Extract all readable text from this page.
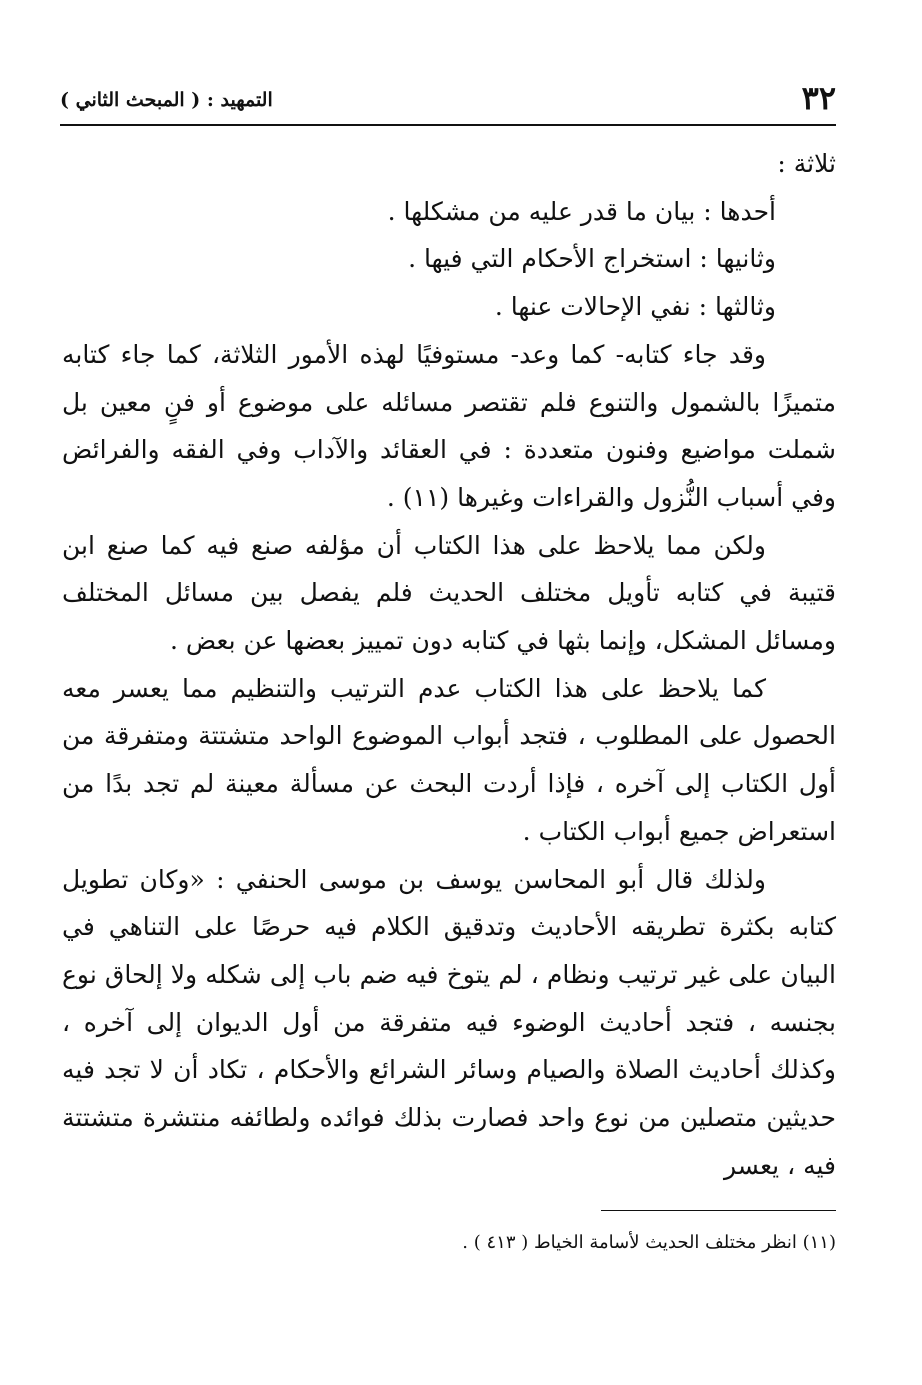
٣٢
التمهيد : ( المبحث الثاني )

ثلاثة :

أحدها : بيان ما قدر عليه من مشكلها .

وثانيها : استخراج الأحكام التي فيها .

وثالثها : نفي الإحالات عنها .

وقد جاء كتابه- كما وعد- مستوفيًا لهذه الأمور الثلاثة، كما جاء كتابه متميزًا بالشمول والتنوع فلم تقتصر مسائله على موضوع أو فنٍ معين بل شملت مواضيع وفنون متعددة : في العقائد والآداب وفي الفقه والفرائض وفي أسباب النُّزول والقراءات وغيرها (١١) .

ولكن مما يلاحظ على هذا الكتاب أن مؤلفه صنع فيه كما صنع ابن قتيبة في كتابه تأويل مختلف الحديث فلم يفصل بين مسائل المختلف ومسائل المشكل، وإنما بثها في كتابه دون تمييز بعضها عن بعض .

كما يلاحظ على هذا الكتاب عدم الترتيب والتنظيم مما يعسر معه الحصول على المطلوب ، فتجد أبواب الموضوع الواحد متشتتة ومتفرقة من أول الكتاب إلى آخره ، فإذا أردت البحث عن مسألة معينة لم تجد بدًا من استعراض جميع أبواب الكتاب .

ولذلك قال أبو المحاسن يوسف بن موسى الحنفي : «وكان تطويل كتابه بكثرة تطريقه الأحاديث وتدقيق الكلام فيه حرصًا على التناهي في البيان على غير ترتيب ونظام ، لم يتوخ فيه ضم باب إلى شكله ولا إلحاق نوع بجنسه ، فتجد أحاديث الوضوء فيه متفرقة من أول الديوان إلى آخره ، وكذلك أحاديث الصلاة والصيام وسائر الشرائع والأحكام ، تكاد أن لا تجد فيه حديثين متصلين من نوع واحد فصارت بذلك فوائده ولطائفه منتشرة متشتتة فيه ، يعسر

(١١) انظر مختلف الحديث لأسامة الخياط ( ٤١٣ ) .
